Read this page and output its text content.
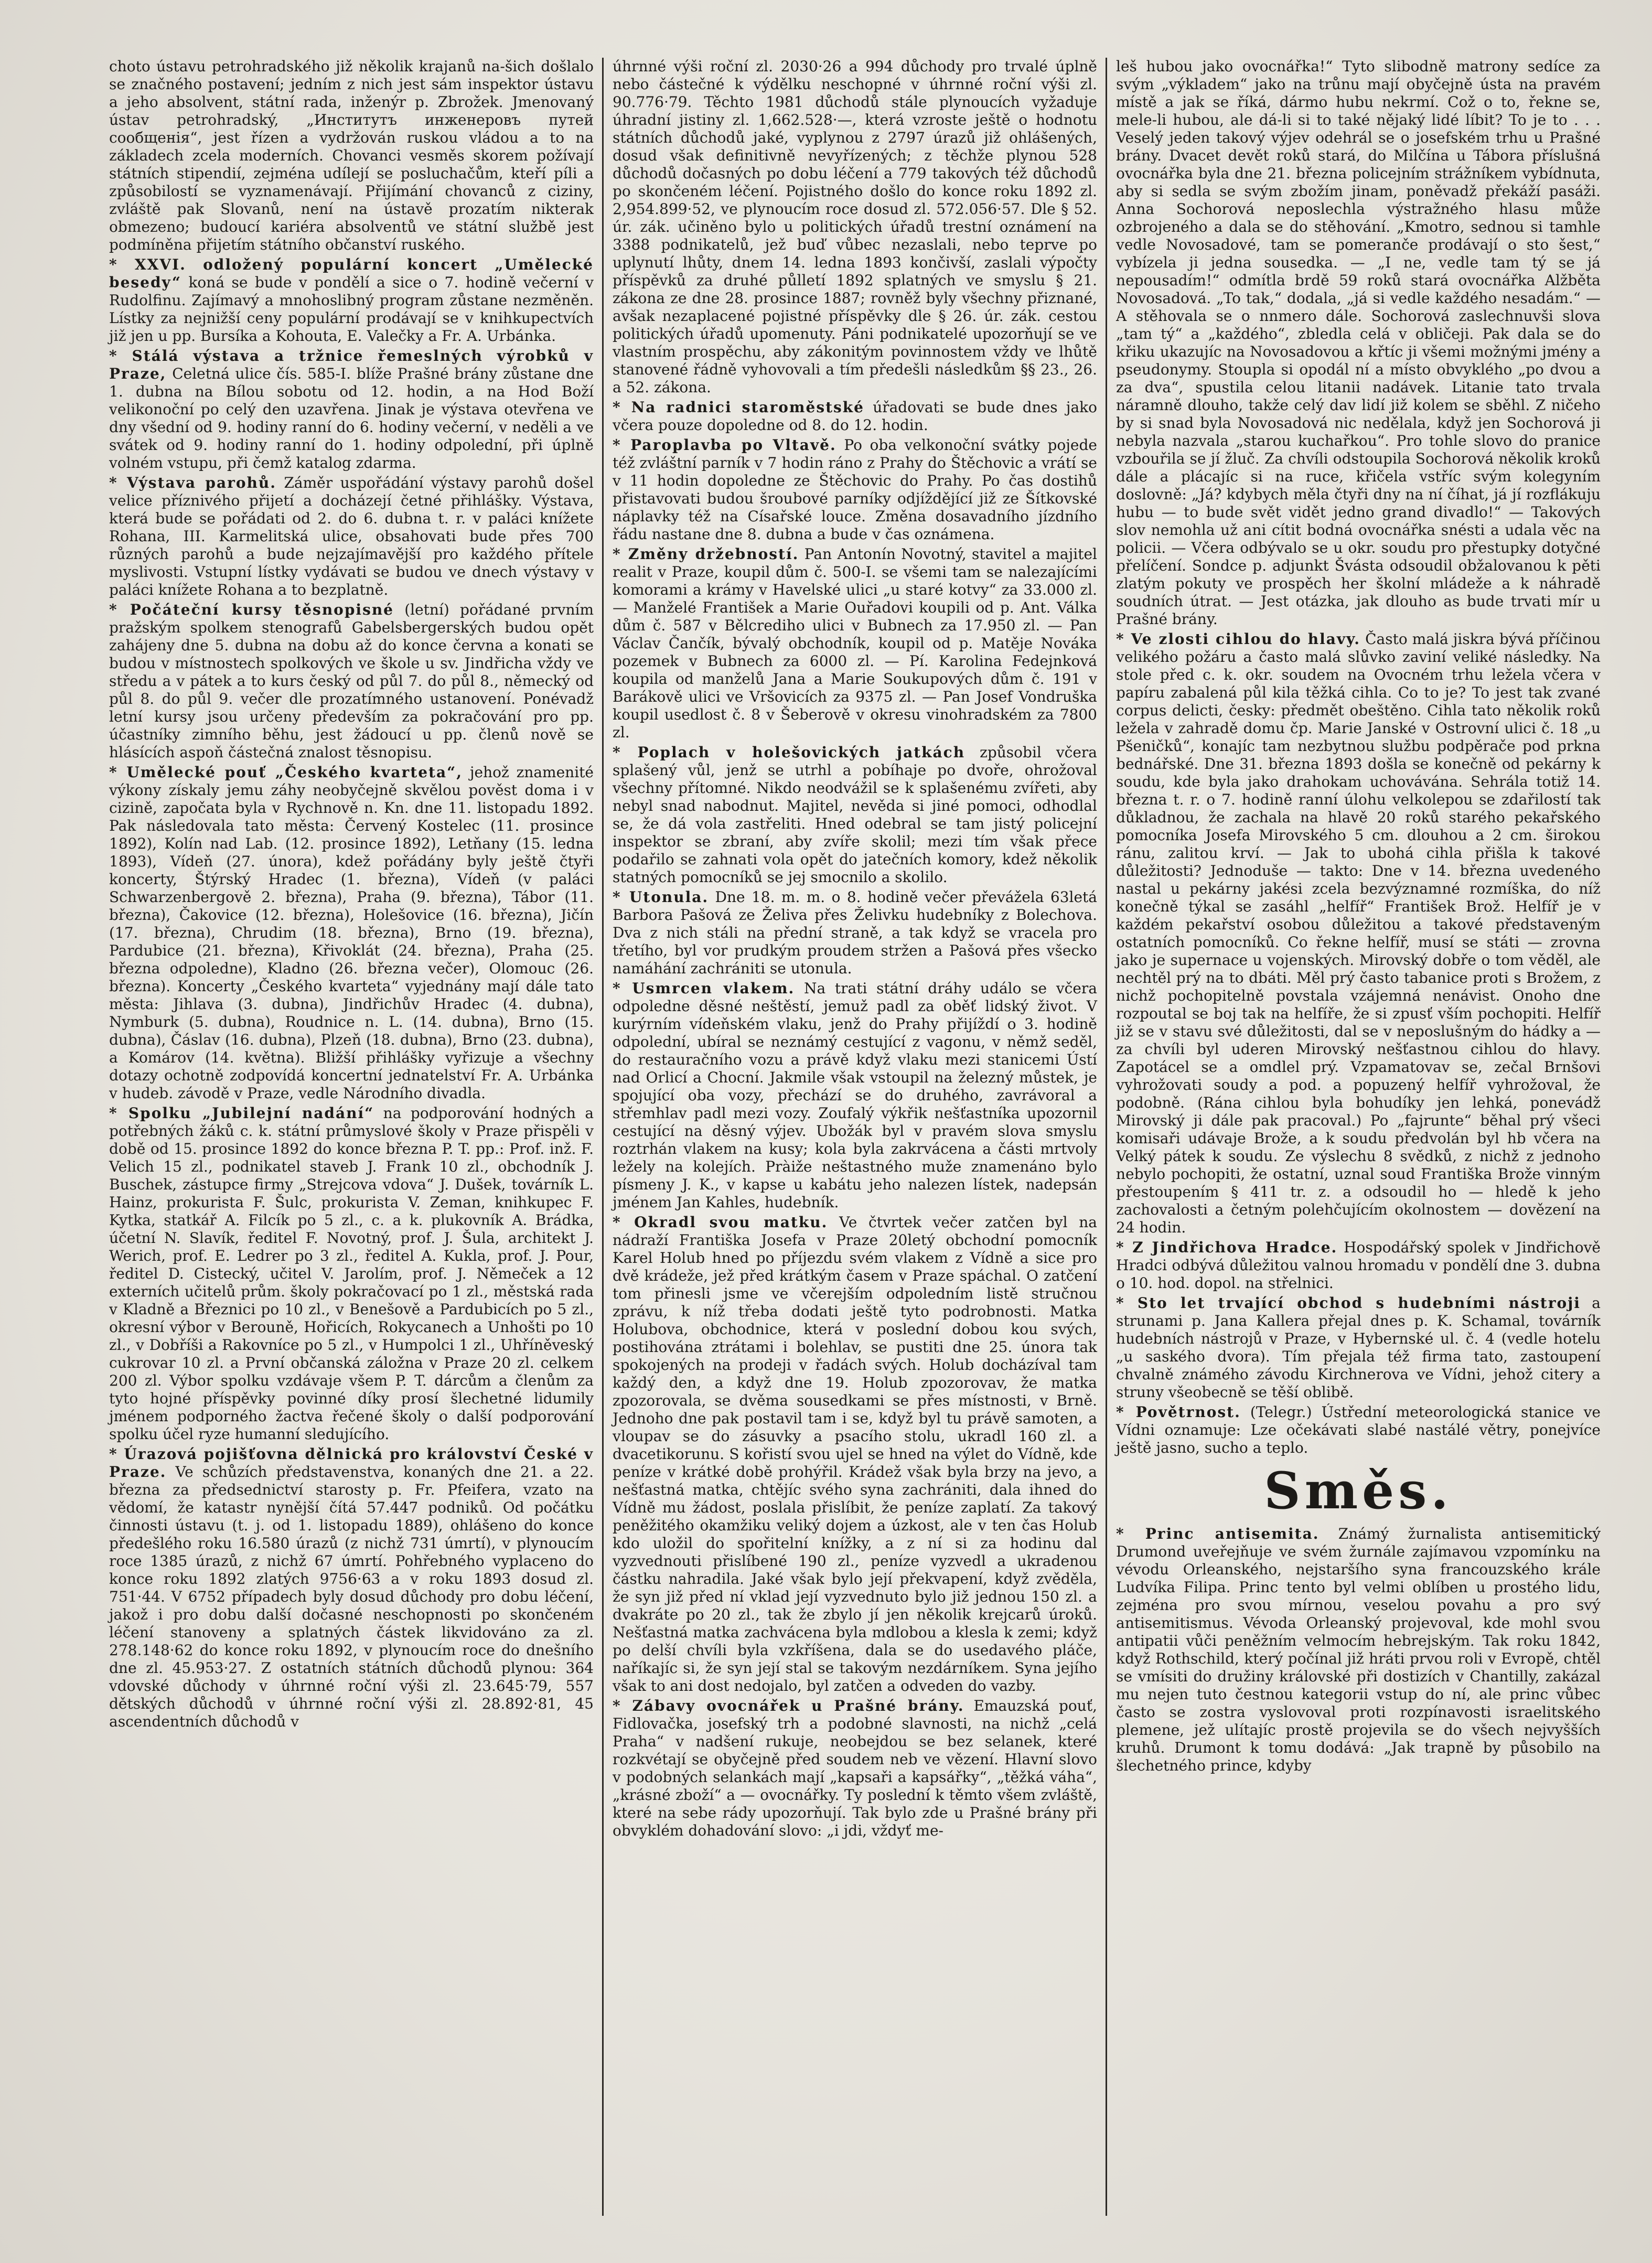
choto ústavu petrohradského již několik krajanů na-šich došlalo se značného postavení; jedním z nich jest sám inspektor ústavu a jeho absolvent, státní rada, inženýr p. Zbrožek. Jmenovaný ústav petrohradský, „Институтъ инженеровъ путей сообщенія“, jest řízen a vydržován ruskou vládou a to na základech zcela moderních. Chovanci vesměs skorem požívají státních stipendií, zejména udílejí se posluchačům, kteří píli a způsobilostí se vyznamenávají. Přijímání chovanců z ciziny, zvláště pak Slovanů, není na ústavě prozatím nikterak obmezeno; budoucí kariéra absolventů ve státní službě jest podmíněna přijetím státního občanství ruského.

* XXVI. odložený populární koncert „Umělecké besedy“ koná se bude v pondělí a sice o 7. hodině večerní v Rudolfinu. Zajímavý a mnohoslibný program zůstane nezměněn. Lístky za nejnižší ceny populární prodávají se v knihkupectvích již jen u pp. Bursíka a Kohouta, E. Valečky a Fr. A. Urbánka.

* Stálá výstava a tržnice řemeslných výrobků v Praze, Celetná ulice čís. 585-I. blíže Prašné brány zůstane dne 1. dubna na Bílou sobotu od 12. hodin, a na Hod Boží velikonoční po celý den uzavřena. Jinak je výstava otevřena ve dny všední od 9. hodiny ranní do 6. hodiny večerní, v neděli a ve svátek od 9. hodiny ranní do 1. hodiny odpolední, při úplně volném vstupu, při čemž katalog zdarma.

* Výstava parohů. Záměr uspořádání výstavy parohů došel velice příznivého přijetí a docházejí četné přihlášky. Výstava, která bude se pořádati od 2. do 6. dubna t. r. v paláci knížete Rohana, III. Karmelitská ulice, obsahovati bude přes 700 různých parohů a bude nejzajímavější pro každého přítele myslivosti. Vstupní lístky vydávati se budou ve dnech výstavy v paláci knížete Rohana a to bezplatně.

* Počáteční kursy těsnopisné (letní) pořádané prvním pražským spolkem stenografů Gabelsbergerských budou opět zahájeny dne 5. dubna na dobu až do konce června a konati se budou v místnostech spolkových ve škole u sv. Jindřicha vždy ve středu a v pátek a to kurs český od půl 7. do půl 8., německý od půl 8. do půl 9. večer dle prozatímného ustanovení. Ponévadž letní kursy jsou určeny především za pokračování pro pp. účastníky zimního běhu, jest žádoucí u pp. členů nově se hlásících aspoň částečná znalost těsnopisu.

* Umělecké pouť „Českého kvarteta“, jehož znamenité výkony získaly jemu záhy neobyčejně skvělou pověst doma i v cizině, započata byla v Rychnově n. Kn. dne 11. listopadu 1892. Pak následovala tato města: Červený Kostelec (11. prosince 1892), Kolín nad Lab. (12. prosince 1892), Letňany (15. ledna 1893), Vídeň (27. února), kdež pořádány byly ještě čtyři koncerty, Štýrský Hradec (1. března), Vídeň (v paláci Schwarzenbergově 2. března), Praha (9. března), Tábor (11. března), Čakovice (12. března), Holešovice (16. března), Jičín (17. března), Chrudim (18. března), Brno (19. března), Pardubice (21. března), Křivoklát (24. března), Praha (25. března odpoledne), Kladno (26. března večer), Olomouc (26. března). Koncerty „Českého kvarteta“ vyjednány mají dále tato města: Jihlava (3. dubna), Jindřichův Hradec (4. dubna), Nymburk (5. dubna), Roudnice n. L. (14. dubna), Brno (15. dubna), Čáslav (16. dubna), Plzeň (18. dubna), Brno (23. dubna), a Komárov (14. května). Bližší přihlášky vyřizuje a všechny dotazy ochotně zodpovídá koncertní jednatelství Fr. A. Urbánka v hudeb. závodě v Praze, vedle Národního divadla.

* Spolku „Jubilejní nadání“ na podporování hodných a potřebných žáků c. k. státní průmyslové školy v Praze přispěli v době od 15. prosince 1892 do konce března P. T. pp.: Prof. inž. F. Velich 15 zl., podnikatel staveb J. Frank 10 zl., obchodník J. Buschek, zástupce firmy „Strejcova vdova“ J. Dušek, továrník L. Hainz, prokurista F. Šulc, prokurista V. Zeman, knihkupec F. Kytka, statkář A. Filcík po 5 zl., c. a k. plukovník A. Brádka, účetní N. Slavík, ředitel F. Novotný, prof. J. Šula, architekt J. Werich, prof. E. Ledrer po 3 zl., ředitel A. Kukla, prof. J. Pour, ředitel D. Cistecký, učitel V. Jarolím, prof. J. Němeček a 12 externích učitelů prům. školy pokračovací po 1 zl., městská rada v Kladně a Březnici po 10 zl., v Benešově a Pardubicích po 5 zl., okresní výbor v Berouně, Hořicích, Rokycanech a Unhošti po 10 zl., v Dobříši a Rakovníce po 5 zl., v Humpolci 1 zl., Uhříněveský cukrovar 10 zl. a První občanská záložna v Praze 20 zl. celkem 200 zl. Výbor spolku vzdávaje všem P. T. dárcům a členům za tyto hojné příspěvky povinné díky prosí šlechetné lidumily jménem podporného žactva řečené školy o další podporování spolku účel ryze humanní sledujícího.

* Úrazová pojišťovna dělnická pro království České v Praze. Ve schůzích představenstva, konaných dne 21. a 22. března za předsednictví starosty p. Fr. Pfeifera, vzato na vědomí, že katastr nynější čítá 57.447 podniků. Od počátku činnosti ústavu (t. j. od 1. listopadu 1889), ohlášeno do konce předešlého roku 16.580 úrazů (z nichž 731 úmrtí), v plynoucím roce 1385 úrazů, z nichž 67 úmrtí. Pohřebného vyplaceno do konce roku 1892 zlatých 9756·63 a v roku 1893 dosud zl. 751·44. V 6752 případech byly dosud důchody pro dobu léčení, jakož i pro dobu další dočasné neschopnosti po skončeném léčení stanoveny a splatných částek likvidováno za zl. 278.148·62 do konce roku 1892, v plynoucím roce do dnešního dne zl. 45.953·27. Z ostatních státních důchodů plynou: 364 vdovské důchody v úhrnné roční výši zl. 23.645·79, 557 dětských důchodů v úhrnné roční výši zl. 28.892·81, 45 ascendentních důchodů v

úhrnné výši roční zl. 2030·26 a 994 důchody pro trvalé úplně nebo částečné k výdělku neschopné v úhrnné roční výši zl. 90.776·79. Těchto 1981 důchodů stále plynoucích vyžaduje úhradní jistiny zl. 1,662.528·—, která vzroste ještě o hodnotu státních důchodů jaké, vyplynou z 2797 úrazů již ohlášených, dosud však definitivně nevyřízených; z těchže plynou 528 důchodů dočasných po dobu léčení a 779 takových též důchodů po skončeném léčení. Pojistného došlo do konce roku 1892 zl. 2,954.899·52, ve plynoucím roce dosud zl. 572.056·57. Dle § 52. úr. zák. učiněno bylo u politických úřadů trestní oznámení na 3388 podnikatelů, jež buď vůbec nezaslali, nebo teprve po uplynutí lhůty, dnem 14. ledna 1893 končivší, zaslali výpočty příspěvků za druhé půlletí 1892 splatných ve smyslu § 21. zákona ze dne 28. prosince 1887; rovněž byly všechny přiznané, avšak nezaplacené pojistné příspěvky dle § 26. úr. zák. cestou politických úřadů upomenuty. Páni podnikatelé upozorňují se ve vlastním prospěchu, aby zákonitým povinnostem vždy ve lhůtě stanovené řádně vyhovovali a tím předešli následkům §§ 23., 26. a 52. zákona.

* Na radnici staroměstské úřadovati se bude dnes jako včera pouze dopoledne od 8. do 12. hodin.

* Paroplavba po Vltavě. Po oba velkonoční svátky pojede též zvláštní parník v 7 hodin ráno z Prahy do Štěchovic a vrátí se v 11 hodin dopoledne ze Štěchovic do Prahy. Po čas dostihů přistavovati budou šroubové parníky odjíždějící již ze Šítkovské náplavky též na Císařské louce. Změna dosavadního jízdního řádu nastane dne 8. dubna a bude v čas oznámena.

* Změny držebností. Pan Antonín Novotný, stavitel a majitel realit v Praze, koupil dům č. 500-I. se všemi tam se nalezajícími komorami a krámy v Havelské ulici „u staré kotvy“ za 33.000 zl. — Manželé František a Marie Ouřadovi koupili od p. Ant. Válka dům č. 587 v Bělcrediho ulici v Bubnech za 17.950 zl. — Pan Václav Čančík, bývalý obchodník, koupil od p. Matěje Nováka pozemek v Bubnech za 6000 zl. — Pí. Karolina Fedejnková koupila od manželů Jana a Marie Soukupových dům č. 191 v Barákově ulici ve Vršovicích za 9375 zl. — Pan Josef Vondruška koupil usedlost č. 8 v Šeberově v okresu vinohradském za 7800 zl.

* Poplach v holešovických jatkách způsobil včera splašený vůl, jenž se utrhl a pobíhaje po dvoře, ohrožoval všechny přítomné. Nikdo neodvážil se k splašenému zvířeti, aby nebyl snad nabodnut. Majitel, nevěda si jiné pomoci, odhodlal se, že dá vola zastřeliti. Hned odebral se tam jistý policejní inspektor se zbraní, aby zvíře skolil; mezi tím však přece podařilo se zahnati vola opět do jatečních komory, kdež několik statných pomocníků se jej smocnilo a skolilo.

* Utonula. Dne 18. m. m. o 8. hodině večer převážela 63letá Barbora Pašová ze Želiva přes Želivku hudebníky z Bolechova. Dva z nich stáli na přední straně, a tak když se vracela pro třetího, byl vor prudkým proudem stržen a Pašová přes všecko namáhání zachrániti se utonula.

* Usmrcen vlakem. Na trati státní dráhy událo se včera odpoledne děsné neštěstí, jemuž padl za oběť lidský život. V kurýrním vídeňském vlaku, jenž do Prahy přijíždí o 3. hodině odpolední, ubíral se neznámý cestující z vagonu, v němž seděl, do restauračního vozu a právě když vlaku mezi stanicemi Ústí nad Orlicí a Chocní. Jakmile však vstoupil na železný můstek, je spojující oba vozy, přechází se do druhého, zavrávoral a střemhlav padl mezi vozy. Zoufalý výkřik nešťastníka upozornil cestující na děsný výjev. Ubožák byl v pravém slova smyslu roztrhán vlakem na kusy; kola byla zakrvácena a části mrtvoly ležely na kolejích. Pràiže neštastného muže znamenáno bylo písmeny J. K., v kapse u kabátu jeho nalezen lístek, nadepsán jménem Jan Kahles, hudebník.

* Okradl svou matku. Ve čtvrtek večer zatčen byl na nádraží Františka Josefa v Praze 20letý obchodní pomocník Karel Holub hned po příjezdu svém vlakem z Vídně a sice pro dvě krádeže, jež před krátkým časem v Praze spáchal. O zatčení tom přinesli jsme ve včerejším odpoledním listě stručnou zprávu, k níž třeba dodati ještě tyto podrobnosti. Matka Holubova, obchodnice, která v poslední dobou kou svých, postihována ztrátami i bolehlav, se pustiti dne 25. února tak spokojených na prodeji v řadách svých. Holub docházíval tam každý den, a když dne 19. Holub zpozorovav, že matka zpozorovala, se dvěma sousedkami se přes místnosti, v Brně. Jednoho dne pak postavil tam i se, když byl tu právě samoten, a vloupav se do zásuvky a psacího stolu, ukradl 160 zl. a dvacetikorunu. S kořistí svou ujel se hned na výlet do Vídně, kde peníze v krátké době prohýřil. Krádež však byla brzy na jevo, a nešťastná matka, chtějíc svého syna zachrániti, dala ihned do Vídně mu žádost, poslala přislíbit, že peníze zaplatí. Za takový peněžitého okamžiku veliký dojem a úzkost, ale v ten čas Holub kdo uložil do spořitelní knížky, a z ní si za hodinu dal vyzvednouti přislíbené 190 zl., peníze vyzvedl a ukradenou částku nahradila. Jaké však bylo její překvapení, když zvěděla, že syn již před ní vklad její vyzvednuto bylo již jednou 150 zl. a dvakráte po 20 zl., tak že zbylo jí jen několik krejcarů úroků. Nešťastná matka zachvácena byla mdlobou a klesla k zemi; když po delší chvíli byla vzkříšena, dala se do usedavého pláče, naříkajíc si, že syn její stal se takovým nezdárníkem. Syna jejího však to ani dost nedojalo, byl zatčen a odveden do vazby.

* Zábavy ovocnářek u Prašné brány. Emauzská pouť, Fidlovačka, josefský trh a podobné slavnosti, na nichž „celá Praha“ v nadšení rukuje, neobejdou se bez selanek, které rozkvétají se obyčejně před soudem neb ve vězení. Hlavní slovo v podobných selankách mají „kapsaři a kapsářky“, „těžká váha“, „krásné zboží“ a — ovocnářky. Ty poslední k těmto všem zvláště, které na sebe rády upozorňují. Tak bylo zde u Prašné brány při obvyklém dohadování slovo: „i jdi, vždyť me-

leš hubou jako ovocnářka!“ Tyto slibodně matrony sedíce za svým „výkladem“ jako na trůnu mají obyčejně ústa na pravém místě a jak se říká, dármo hubu nekrmí. Což o to, řekne se, mele-li hubou, ale dá-li si to také nějaký lidé líbit? To je to . . . Veselý jeden takový výjev odehrál se o josefském trhu u Prašné brány. Dvacet devět roků stará, do Milčína u Tábora příslušná ovocnářka byla dne 21. března policejním strážníkem vybídnuta, aby si sedla se svým zbožím jinam, poněvadž překáží pasáži. Anna Sochorová neposlechla výstražného hlasu může ozbrojeného a dala se do stěhování. „Kmotro, sednou si tamhle vedle Novosadové, tam se pomeranče prodávají o sto šest,“ vybízela ji jedna sousedka. — „I ne, vedle tam tý se já nepousadím!“ odmítla brdě 59 roků stará ovocnářka Alžběta Novosadová. „To tak,“ dodala, „já si vedle každého nesadám.“ — A stěhovala se o nnmero dále. Sochorová zaslechnuvši slova „tam tý“ a „každého“, zbledla celá v obličeji. Pak dala se do křiku ukazujíc na Novosadovou a křtíc ji všemi možnými jmény a pseudonymy. Stoupla si opodál ní a místo obvyklého „po dvou a za dva“, spustila celou litanii nadávek. Litanie tato trvala náramně dlouho, takže celý dav lidí již kolem se sběhl. Z ničeho by si snad byla Novosadová nic nedělala, když jen Sochorová ji nebyla nazvala „starou kuchařkou“. Pro tohle slovo do pranice vzbouřila se jí žluč. Za chvíli odstoupila Sochorová několik kroků dále a plácajíc si na ruce, křičela vstříc svým kolegyním doslovně: „Já? kdybych měla čtyři dny na ní číhat, já jí rozflákuju hubu — to bude svět vidět jedno grand divadlo!“ — Takových slov nemohla už ani cítit bodná ovocnářka snésti a udala věc na policii. — Včera odbývalo se u okr. soudu pro přestupky dotyčné přelíčení. Sondce p. adjunkt Švásta odsoudil obžalovanou k pěti zlatým pokuty ve prospěch her školní mládeže a k náhradě soudních útrat. — Jest otázka, jak dlouho as bude trvati mír u Prašné brány.

* Ve zlosti cihlou do hlavy. Často malá jiskra bývá příčinou velikého požáru a často malá slůvko zaviní veliké následky. Na stole před c. k. okr. soudem na Ovocném trhu ležela včera v papíru zabalená půl kila těžká cihla. Co to je? To jest tak zvané corpus delicti, česky: předmět obeštěno. Cihla tato několik roků ležela v zahradě domu čp. Marie Janské v Ostrovní ulici č. 18 „u Pšeničků“, konajíc tam nezbytnou službu podpěrače pod prkna bednářské. Dne 31. března 1893 došla se konečně od pekárny k soudu, kde byla jako drahokam uchovávána. Sehrála totiž 14. března t. r. o 7. hodině ranní úlohu velkolepou se zdařilostí tak důkladnou, že zachala na hlavě 20 roků starého pekařského pomocníka Josefa Mirovského 5 cm. dlouhou a 2 cm. širokou ránu, zalitou krví. — Jak to ubohá cihla přišla k takové důležitosti? Jednoduše — takto: Dne v 14. března uvedeného nastal u pekárny jakési zcela bezvýznamné rozmíška, do níž konečně týkal se zasáhl „helfíř“ František Brož. Helfíř je v každém pekařství osobou důležitou a takové představeným ostatních pomocníků. Co řekne helfíř, musí se státi — zrovna jako je supernace u vojenských. Mirovský dobře o tom věděl, ale nechtěl prý na to dbáti. Měl prý často tabanice proti s Brožem, z nichž pochopitelně povstala vzájemná nenávist. Onoho dne rozpoutal se boj tak na helfíře, že si zpusť vším pochopiti. Helfíř již se v stavu své důležitosti, dal se v neposlušným do hádky a — za chvíli byl uderen Mirovský nešťastnou cihlou do hlavy. Zapotácel se a omdlel prý. Vzpamatovav se, zečal Brnšovi vyhrožovati soudy a pod. a popuzený helfíř vyhrožoval, že podobně. (Rána cihlou byla bohudíky jen lehká, ponevádž Mirovský ji dále pak pracoval.) Po „fajrunte“ běhal prý všeci komisaři udávaje Brože, a k soudu předvolán byl hb včera na Velký pátek k soudu. Ze výslechu 8 svědků, z nichž z jednoho nebylo pochopiti, že ostatní, uznal soud Františka Brože vinným přestoupením § 411 tr. z. a odsoudil ho — hledě k jeho zachovalosti a četným polehčujícím okolnostem — dovězení na 24 hodin.

* Z Jindřichova Hradce. Hospodářský spolek v Jindřichově Hradci odbývá důležitou valnou hromadu v pondělí dne 3. dubna o 10. hod. dopol. na střelnici.

* Sto let trvající obchod s hudebními nástroji a strunami p. Jana Kallera přejal dnes p. K. Schamal, továrník hudebních nástrojů v Praze, v Hybernské ul. č. 4 (vedle hotelu „u saského dvora). Tím přejala též firma tato, zastoupení chvalně známého závodu Kirchnerova ve Vídni, jehož citery a struny všeobecně se těší oblibě.

* Povětrnost. (Telegr.) Ústřední meteorologická stanice ve Vídni oznamuje: Lze očekávati slabé nastálé větry, ponejvíce ještě jasno, sucho a teplo.

Směs.

* Princ antisemita. Známý žurnalista antisemitický Drumond uveřejňuje ve svém žurnále zajímavou vzpomínku na vévodu Orleanského, nejstaršího syna francouzského krále Ludvíka Filipa. Princ tento byl velmi oblíben u prostého lidu, zejména pro svou mírnou, veselou povahu a pro svý antisemitismus. Vévoda Orleanský projevoval, kde mohl svou antipatii vůči peněžním velmocím hebrejským. Tak roku 1842, když Rothschild, který počínal již hráti prvou roli v Evropě, chtěl se vmísiti do družiny královské při dostizích v Chantilly, zakázal mu nejen tuto čestnou kategorii vstup do ní, ale princ vůbec často se zostra vyslovoval proti rozpínavosti israelitského plemene, jež ulítajíc prostě projevila se do všech nejvyšších kruhů. Drumont k tomu dodává: „Jak trapně by působilo na šlechetného prince, kdyby
